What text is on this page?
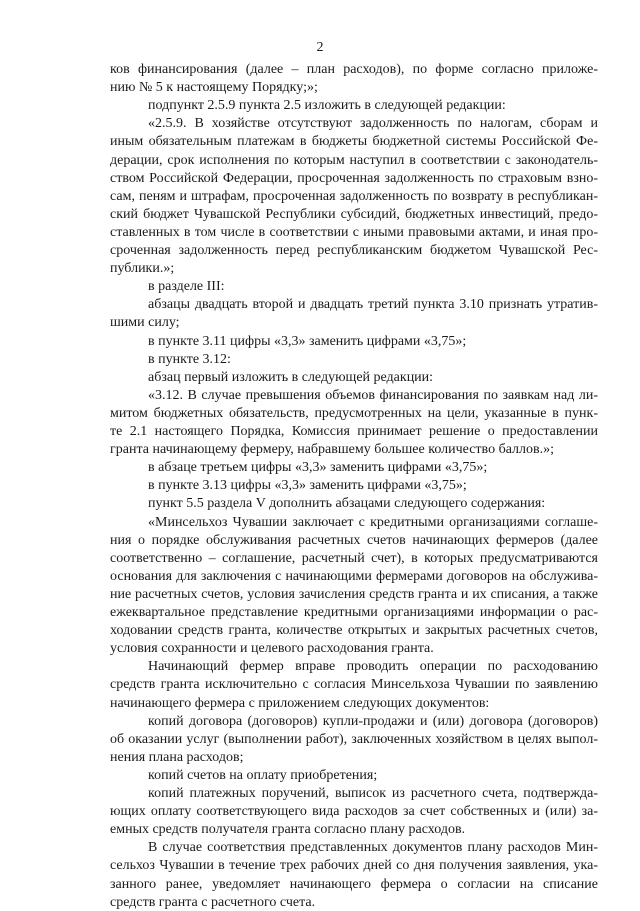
2
ков финансирования (далее – план расходов), по форме согласно приложе-
нию № 5 к настоящему Порядку;»;
подпункт 2.5.9 пункта 2.5 изложить в следующей редакции:
«2.5.9. В хозяйстве отсутствуют задолженность по налогам, сборам и
иным обязательным платежам в бюджеты бюджетной системы Российской Фе-
дерации, срок исполнения по которым наступил в соответствии с законодатель-
ством Российской Федерации, просроченная задолженность по страховым взно-
сам, пеням и штрафам, просроченная задолженность по возврату в республикан-
ский бюджет Чувашской Республики субсидий, бюджетных инвестиций, предо-
ставленных в том числе в соответствии с иными правовыми актами, и иная про-
сроченная задолженность перед республиканским бюджетом Чувашской Рес-
публики.»;
в разделе III:
абзацы двадцать второй и двадцать третий пункта 3.10 признать утратив-
шими силу;
в пункте 3.11 цифры «3,3» заменить цифрами «3,75»;
в пункте 3.12:
абзац первый изложить в следующей редакции:
«3.12. В случае превышения объемов финансирования по заявкам над ли-
митом бюджетных обязательств, предусмотренных на цели, указанные в пунк-
те 2.1 настоящего Порядка, Комиссия принимает решение о предоставлении
гранта начинающему фермеру, набравшему большее количество баллов.»;
в абзаце третьем цифры «3,3» заменить цифрами «3,75»;
в пункте 3.13 цифры «3,3» заменить цифрами «3,75»;
пункт 5.5 раздела V дополнить абзацами следующего содержания:
«Минсельхоз Чувашии заключает с кредитными организациями соглаше-
ния о порядке обслуживания расчетных счетов начинающих фермеров (далее
соответственно – соглашение, расчетный счет), в которых предусматриваются
основания для заключения с начинающими фермерами договоров на обслужива-
ние расчетных счетов, условия зачисления средств гранта и их списания, а также
ежеквартальное представление кредитными организациями информации о рас-
ходовании средств гранта, количестве открытых и закрытых расчетных счетов,
условия сохранности и целевого расходования гранта.
Начинающий фермер вправе проводить операции по расходованию
средств гранта исключительно с согласия Минсельхоза Чувашии по заявлению
начинающего фермера с приложением следующих документов:
копий договора (договоров) купли-продажи и (или) договора (договоров)
об оказании услуг (выполнении работ), заключенных хозяйством в целях выпол-
нения плана расходов;
копий счетов на оплату приобретения;
копий платежных поручений, выписок из расчетного счета, подтвержда-
ющих оплату соответствующего вида расходов за счет собственных и (или) за-
емных средств получателя гранта согласно плану расходов.
В случае соответствия представленных документов плану расходов Мин-
сельхоз Чувашии в течение трех рабочих дней со дня получения заявления, ука-
занного ранее, уведомляет начинающего фермера о согласии на списание
средств гранта с расчетного счета.
